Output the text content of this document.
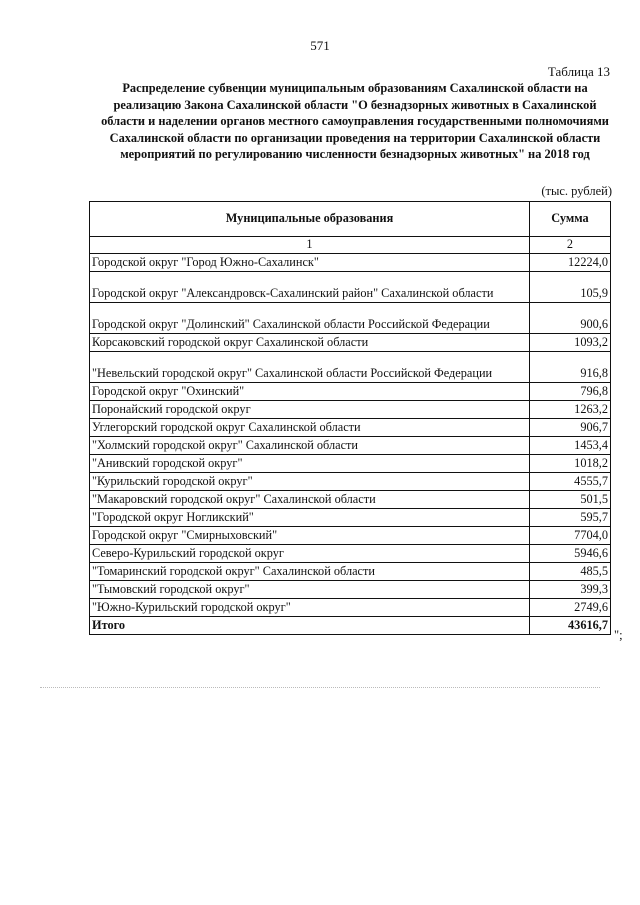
571
Таблица 13
Распределение субвенции муниципальным образованиям Сахалинской области на реализацию Закона Сахалинской области "О безнадзорных животных в Сахалинской области и наделении органов местного самоуправления государственными полномочиями Сахалинской области по организации проведения на территории Сахалинской области мероприятий по регулированию численности безнадзорных животных" на 2018 год
(тыс. рублей)
Муниципальные образования	Сумма
1	2
Городской округ "Город Южно-Сахалинск"	12224,0
Городской округ "Александровск-Сахалинский район" Сахалинской области	105,9
Городской округ "Долинский" Сахалинской области Российской Федерации	900,6
Корсаковский городской округ Сахалинской области	1093,2
"Невельский городской округ" Сахалинской области Российской Федерации	916,8
Городской округ "Охинский"	796,8
Поронайский городской округ	1263,2
Углегорский городской округ Сахалинской области	906,7
"Холмский городской округ" Сахалинской области	1453,4
"Анивский городской округ"	1018,2
"Курильский городской округ"	4555,7
"Макаровский городской округ" Сахалинской области	501,5
"Городской округ Ногликский"	595,7
Городской округ "Смирныховский"	7704,0
Северо-Курильский городской округ	5946,6
"Томаринский городской округ" Сахалинской области	485,5
"Тымовский городской округ"	399,3
"Южно-Курильский городской округ"	2749,6
Итого	43616,7
";
